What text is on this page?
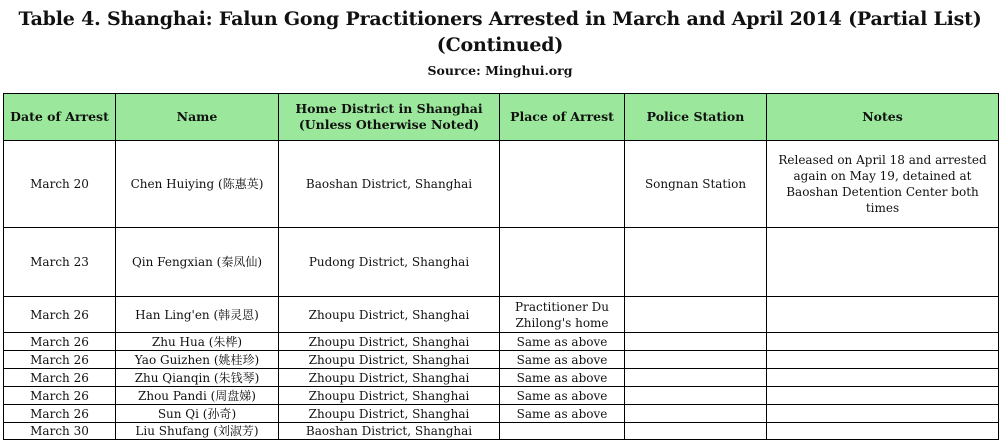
Table 4. Shanghai: Falun Gong Practitioners Arrested in March and April 2014 (Partial List) (Continued)
Source: Minghui.org
Date of Arrest	Name	Home District in Shanghai (Unless Otherwise Noted)	Place of Arrest	Police Station	Notes
March 20	Chen Huiying (陈惠英)	Baoshan District, Shanghai		Songnan Station	Released on April 18 and arrested again on May 19, detained at Baoshan Detention Center both times
March 23	Qin Fengxian (秦凤仙)	Pudong District, Shanghai			
March 26	Han Ling'en (韩灵恩)	Zhoupu District, Shanghai	Practitioner Du Zhilong's home		
March 26	Zhu Hua (朱桦)	Zhoupu District, Shanghai	Same as above		
March 26	Yao Guizhen (姚桂珍)	Zhoupu District, Shanghai	Same as above		
March 26	Zhu Qianqin (朱钱琴)	Zhoupu District, Shanghai	Same as above		
March 26	Zhou Pandi (周盘娣)	Zhoupu District, Shanghai	Same as above		
March 26	Sun Qi (孙奇)	Zhoupu District, Shanghai	Same as above		
March 30	Liu Shufang (刘淑芳)	Baoshan District, Shanghai			
